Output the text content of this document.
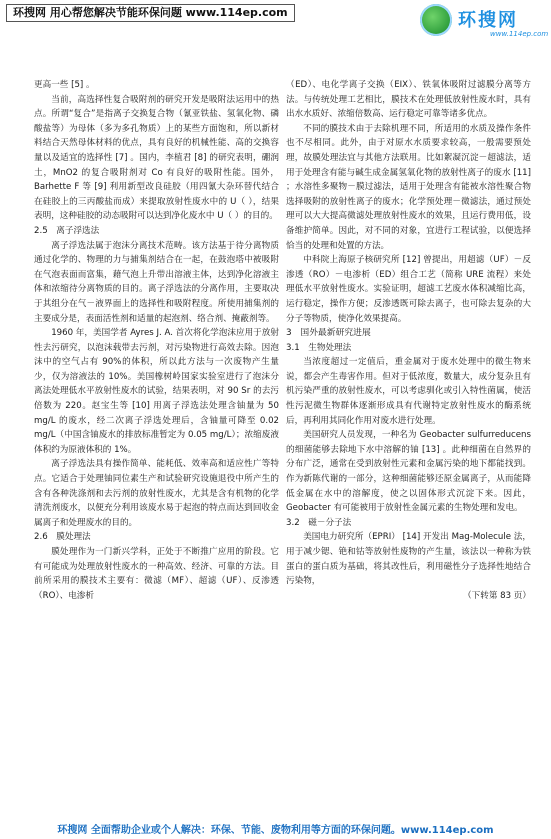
环搜网 用心帮您解决节能环保问题 www.114ep.com	环搜网
www.114ep.com

更高一些 [5] 。

当前，高选择性复合吸附剂的研究开发是吸附法运用中的热点。所谓“复合”是指离子交换复合物（氰亚铁盐、氢氧化物、磷酸盐等）为母体（多为多孔物质）上的某些方面饱和，所以新材料结合天然母体材料的优点，具有良好的机械性能、高的交换容量以及适宜的选择性 [7] 。国内，李植君 [8] 的研究表明，硼润土，MnO2 的复合吸附剂对 Co 有良好的吸附性能。国外，Barhette F 等 [9] 利用新型改良硅胶（用四氰大杂环替代结合在硅胶上的三丙酸盐而成）来提取放射性废水中的 U（ ），结果表明，这种硅胶的动态吸附可以达到净化废水中 U（ ）的目的。

2.5　离子浮选法

离子浮选法属于泡沫分离技术范畴。该方法基于待分离物质通过化学的、物理的力与捕集剂结合在一起，在鼓泡塔中被吸附在气泡表面而富集，藉气泡上升带出溶液主体，达到净化溶液主体和浓缩待分离物质的目的。离子浮选法的分离作用，主要取决于其组分在气－液界面上的选择性和吸附程度。所使用捕集剂的主要成分是，表面活性剂和适量的起泡剂、络合剂、掩蔽剂等。

1960 年，美国学者 Ayres J. A. 首次将化学泡沫应用于放射性去污研究，以泡沫载带去污剂，对污染物进行高效去除。因泡沫中的空气占有 90%的体积，所以此方法与一次废物产生量少，仅为溶液法的 10%。美国橡树岭国家实验室进行了泡沫分离法处理低水平放射性废水的试验，结果表明，对 90 Sr 的去污倍数为 220。赵宝生等 [10] 用离子浮选法处理含铀量为 50 mg/L 的废水，经二次离子浮选处理后，含铀量可降至 0.02 mg/L（中国含铀废水的排放标准暂定为 0.05 mg/L）；浓缩废液体积约为原液体积的 1%。

离子浮选法具有操作简单、能耗低、效率高和适应性广等特点。它适合于处理铀同位素生产和试验研究设施退役中所产生的含有各种洗涤剂和去污剂的放射性废水，尤其是含有机物的化学清洗剂废水，以便充分利用该废水易于起泡的特点而达到回收金属离子和处理废水的目的。

2.6　膜处理法

膜处理作为一门新兴学科，正处于不断推广应用的阶段。它有可能成为处理放射性废水的一种高效、经济、可靠的方法。目前所采用的膜技术主要有：微滤（MF）、超滤（UF）、反渗透（RO）、电渗析

（ED）、电化学离子交换（EIX）、铁氧体吸附过滤膜分离等方法。与传统处理工艺相比，膜技术在处理低放射性废水时，具有出水水质好、浓缩倍数高、运行稳定可靠等诸多优点。

不同的膜技术由于去除机理不同，所适用的水质及操作条件也不尽相同。此外，由于对原水水质要求较高，一般需要预处理，故膜处理法宜与其他方法联用。比如絮凝沉淀－超滤法，适用于处理含有能与碱生成金属氢氧化物的放射性离子的废水 [11] ；水溶性多聚物－膜过滤法，适用于处理含有能被水溶性聚合物选择吸附的放射性离子的废水；化学预处理－微滤法，通过预处理可以大大提高微滤处理放射性废水的效果，且运行费用低，设备维护简单。因此，对不同的对象，宜进行工程试验，以便选择恰当的处理和处置的方法。

中科院上海原子核研究所 [12] 曾提出，用超滤（UF）－反渗透（RO）－电渗析（ED）组合工艺（简称 URE 流程）来处理低水平放射性废水。实验证明，超滤工艺废水体积减缩比高，运行稳定，操作方便；反渗透既可除去离子，也可除去复杂的大分子等物质，使净化效果提高。

3　国外最新研究进展

3.1　生物处理法

当浓度超过一定值后，重金属对于废水处理中的微生物来说，都会产生毒害作用。但对于低浓度，数量大，成分复杂且有机污染严重的放射性废水，可以考虑驯化或引入特性菌属，使活性污泥微生物群体逐渐形成具有代谢特定放射性废水的酶系统后，再利用其同化作用对废水进行处理。

美国研究人员发现，一种名为 Geobacter sulfurreducens 的细菌能够去除地下水中溶解的铀 [13] 。此种细菌在自然界的分布广泛，通常在受到放射性元素和金属污染的地下都能找到。作为新陈代谢的一部分，这种细菌能够还原金属离子，从而能降低金属在水中的溶解度，使之以固体形式沉淀下来。因此，Geobacter 有可能被用于放射性金属元素的生物处理和发电。

3.2　磁－分子法

美国电力研究所（EPRI） [14] 开发出 Mag-Molecule 法，用于减少锶、铯和钴等放射性废物的产生量，该法以一种称为铁蛋白的蛋白质为基础，将其改性后，利用磁性分子选择性地结合污染物，

（下转第 83 页）

环搜网 全面帮助企业或个人解决：环保、节能、废物利用等方面的环保问题。www.114ep.com
